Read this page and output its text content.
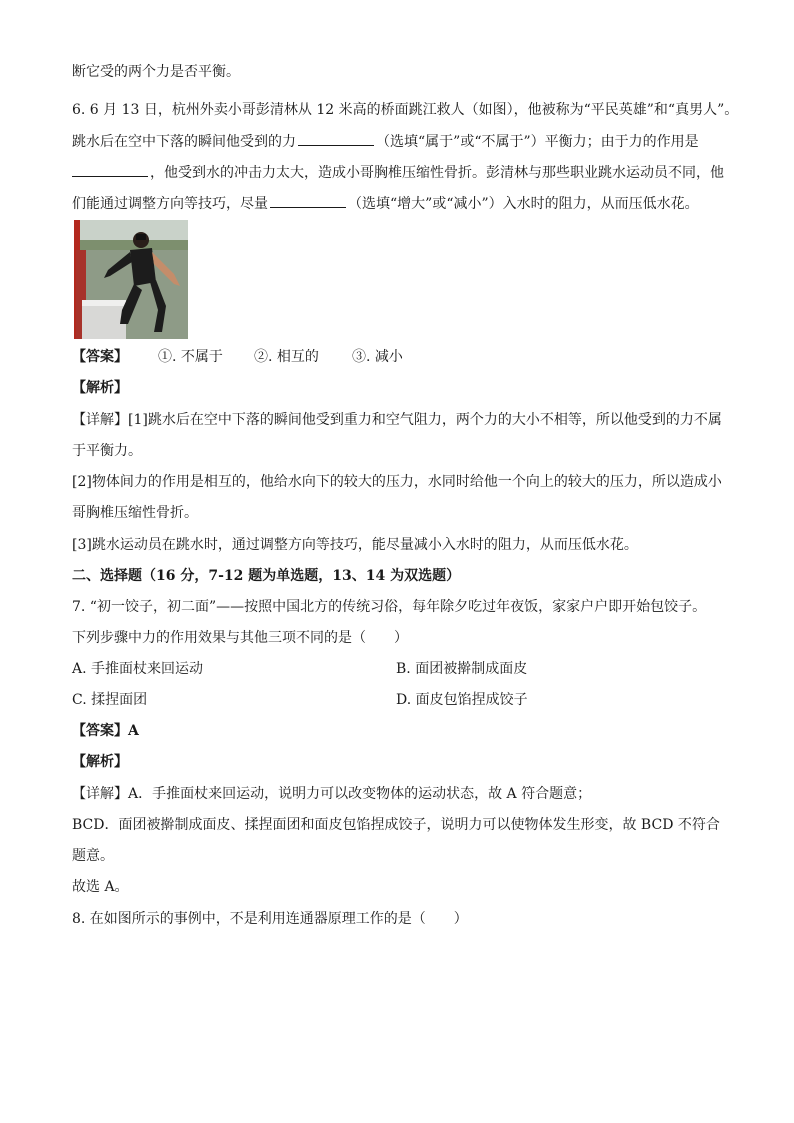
断它受的两个力是否平衡。
6. 6 月 13 日，杭州外卖小哥彭清林从 12 米高的桥面跳江救人（如图），他被称为“平民英雄”和“真男人”。
跳水后在空中下落的瞬间他受到的力	（选填“属于”或“不属于”）平衡力；由于力的作用是
，他受到水的冲击力太大，造成小哥胸椎压缩性骨折。彭清林与那些职业跳水运动员不同，他
们能通过调整方向等技巧，尽量	（选填“增大”或“减小”）入水时的阻力，从而压低水花。
【答案】 ①. 不属于 ②. 相互的 ③. 减小
【解析】
【详解】[1]跳水后在空中下落的瞬间他受到重力和空气阻力，两个力的大小不相等，所以他受到的力不属
于平衡力。
[2]物体间力的作用是相互的，他给水向下的较大的压力，水同时给他一个向上的较大的压力，所以造成小
哥胸椎压缩性骨折。
[3]跳水运动员在跳水时，通过调整方向等技巧，能尽量减小入水时的阻力，从而压低水花。
二、选择题（16 分，7-12 题为单选题，13、14 为双选题）
7. “初一饺子，初二面”——按照中国北方的传统习俗，每年除夕吃过年夜饭，家家户户即开始包饺子。
下列步骤中力的作用效果与其他三项不同的是（　　）
A. 手推面杖来回运动	B. 面团被擀制成面皮
C. 揉捏面团	D. 面皮包馅捏成饺子
【答案】A
【解析】
【详解】A．手推面杖来回运动，说明力可以改变物体的运动状态，故 A 符合题意；
BCD．面团被擀制成面皮、揉捏面团和面皮包馅捏成饺子，说明力可以使物体发生形变，故 BCD 不符合
题意。
故选 A。
8. 在如图所示的事例中，不是利用连通器原理工作的是（　　）
